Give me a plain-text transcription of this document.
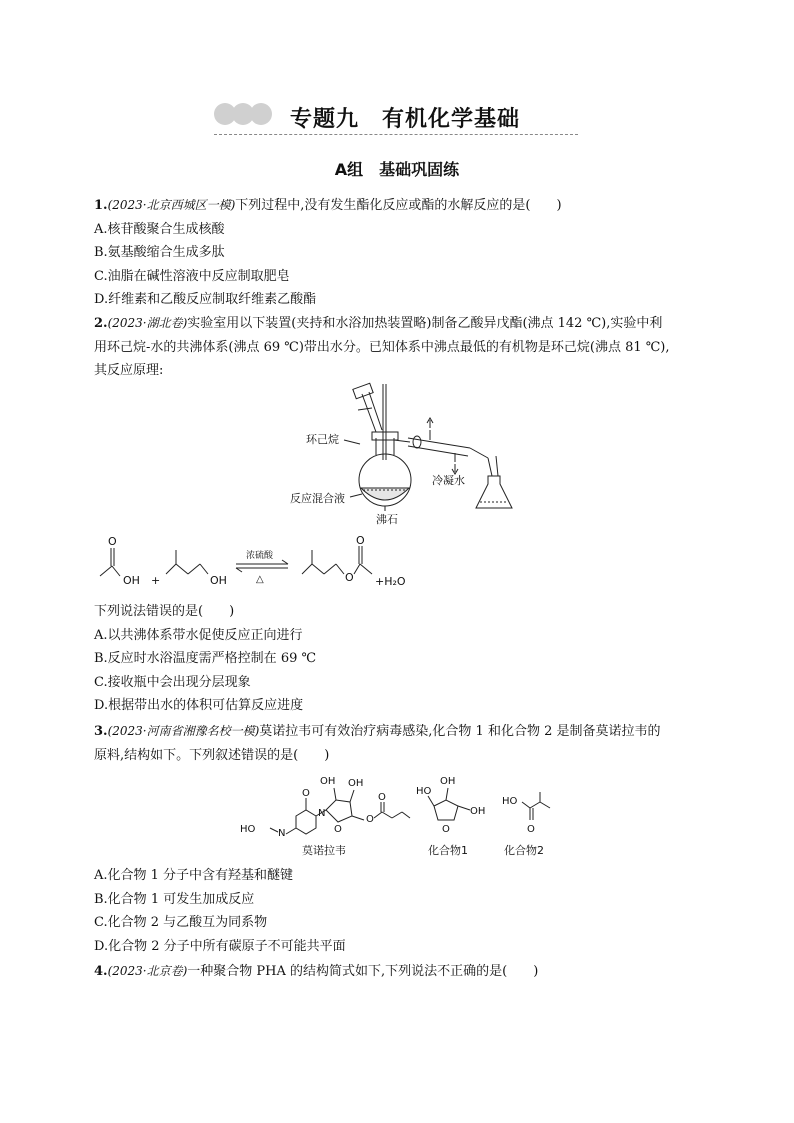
专题九　有机化学基础
A组　基础巩固练

1.(2023·北京西城区一模)下列过程中,没有发生酯化反应或酯的水解反应的是(　　)

A.核苷酸聚合生成核酸

B.氨基酸缩合生成多肽

C.油脂在碱性溶液中反应制取肥皂

D.纤维素和乙酸反应制取纤维素乙酸酯

2.(2023·湖北卷)实验室用以下装置(夹持和水浴加热装置略)制备乙酸异戊酯(沸点 142 ℃),实验中利

用环己烷-水的共沸体系(沸点 69 ℃)带出水分。已知体系中沸点最低的有机物是环己烷(沸点 81 ℃),

其反应原理:

环己烷
反应混合液
沸石
冷凝水
O
OH +	OH
浓硫酸
△	O
O
+H₂O

下列说法错误的是(　　)

A.以共沸体系带水促使反应正向进行

B.反应时水浴温度需严格控制在 69 ℃

C.接收瓶中会出现分层现象

D.根据带出水的体积可估算反应进度

3.(2023·河南省湘豫名校一模)莫诺拉韦可有效治疗病毒感染,化合物 1 和化合物 2 是制备莫诺拉韦的

原料,结构如下。下列叙述错误的是(　　)

OH OH
O
HO N
N
O
O
O
莫诺拉韦
HO
OH
OH
O
化合物1
HO
O
化合物2

A.化合物 1 分子中含有羟基和醚键

B.化合物 1 可发生加成反应

C.化合物 2 与乙酸互为同系物

D.化合物 2 分子中所有碳原子不可能共平面

4.(2023·北京卷)一种聚合物 PHA 的结构简式如下,下列说法不正确的是(　　)
